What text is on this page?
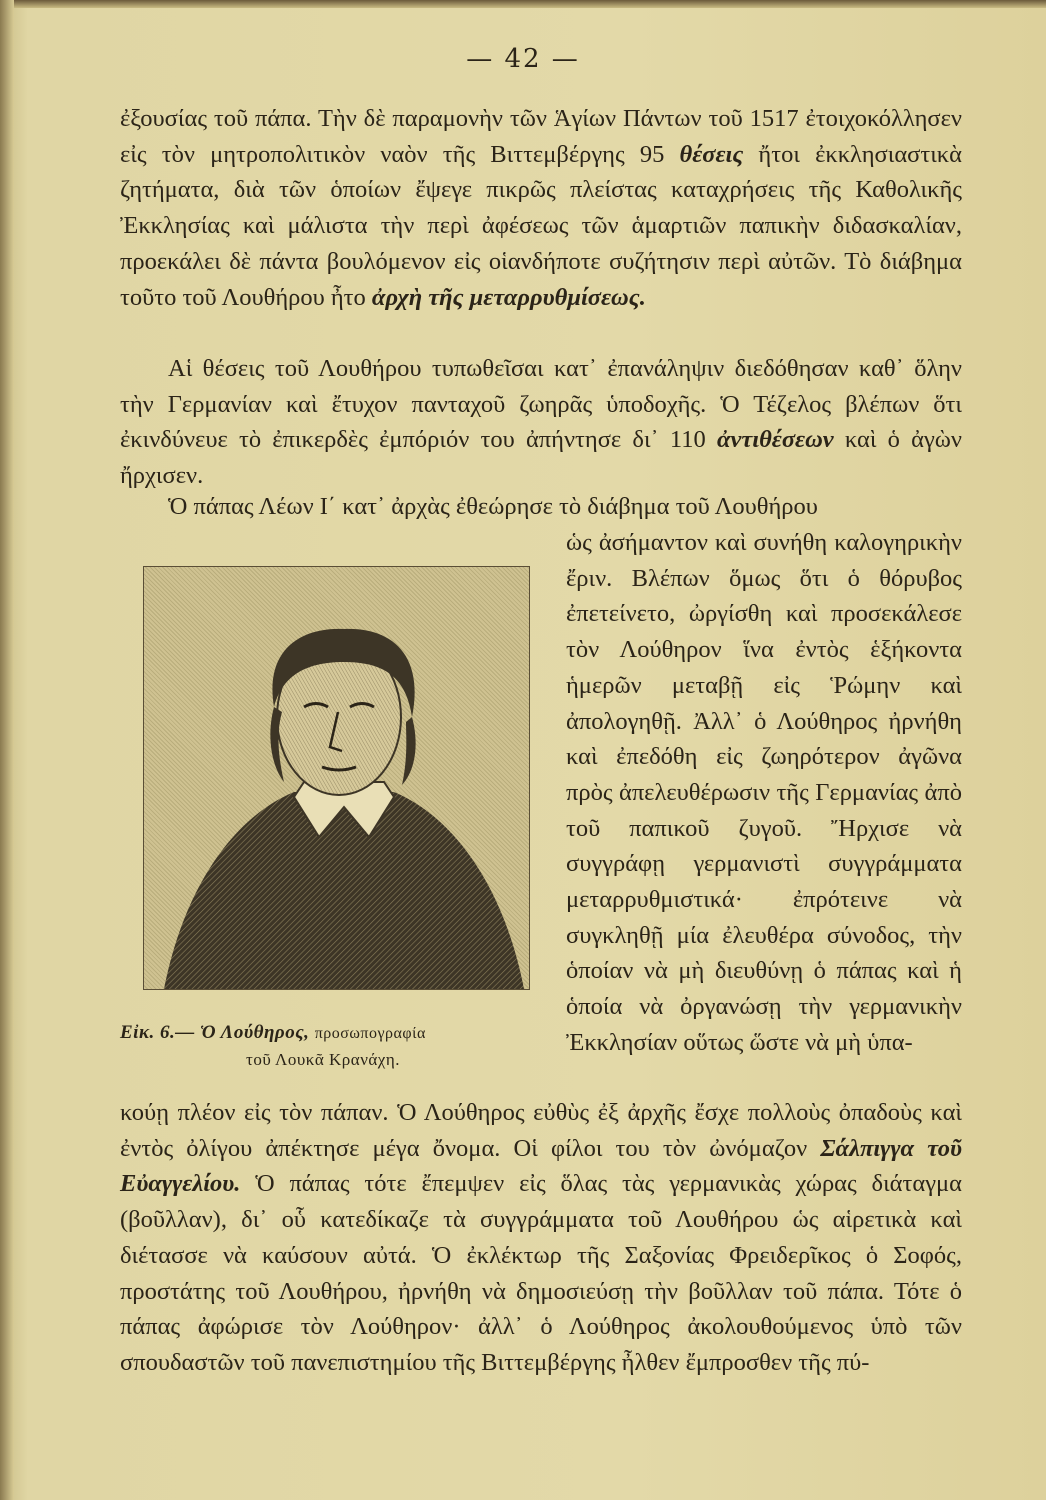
— 42 —

ἐξουσίας τοῦ πάπα. Τὴν δὲ παραμονὴν τῶν Ἁγίων Πάντων τοῦ 1517 ἐτοιχοκόλλησεν εἰς τὸν μητροπολιτικὸν ναὸν τῆς Βιττεμβέργης 95 θέσεις ἤτοι ἐκκλησιαστικὰ ζητήματα, διὰ τῶν ὁποίων ἔψεγε πικρῶς πλείστας καταχρήσεις τῆς Καθολικῆς Ἐκκλησίας καὶ μάλιστα τὴν περὶ ἀφέσεως τῶν ἁμαρτιῶν παπικὴν διδασκαλίαν, προεκάλει δὲ πάντα βουλόμενον εἰς οἱανδήποτε συζήτησιν περὶ αὐτῶν. Τὸ διάβημα τοῦτο τοῦ Λουθήρου ἦτο ἀρχὴ τῆς μεταρρυθμίσεως.

Αἱ θέσεις τοῦ Λουθήρου τυπωθεῖσαι κατ᾽ ἐπανάληψιν διεδόθησαν καθ᾽ ὅλην τὴν Γερμανίαν καὶ ἔτυχον πανταχοῦ ζωηρᾶς ὑποδοχῆς. Ὁ Τέζελος βλέπων ὅτι ἐκινδύνευε τὸ ἐπικερδὲς ἐμπόριόν του ἀπήντησε δι᾽ 110 ἀντιθέσεων καὶ ὁ ἀγὼν ἤρχισεν.

Ὁ πάπας Λέων Ι΄ κατ᾽ ἀρχὰς ἐθεώρησε τὸ διάβημα τοῦ Λουθήρου

ὡς ἀσήμαντον καὶ συνήθη καλογηρικὴν ἔριν. Βλέπων ὅμως ὅτι ὁ θόρυβος ἐπετείνετο, ὠργίσθη καὶ προσεκάλεσε τὸν Λούθηρον ἵνα ἐντὸς ἑξήκοντα ἡμερῶν μεταβῇ εἰς Ῥώμην καὶ ἀπολογηθῇ. Ἀλλ᾽ ὁ Λούθηρος ἠρνήθη καὶ ἐπεδόθη εἰς ζωηρότερον ἀγῶνα πρὸς ἀπελευθέρωσιν τῆς Γερμανίας ἀπὸ τοῦ παπικοῦ ζυγοῦ. Ἤρχισε νὰ συγγράφῃ γερμανιστὶ συγγράμματα μεταρρυθμιστικά· ἐπρότεινε νὰ συγκληθῇ μία ἐλευθέρα σύνοδος, τὴν ὁποίαν νὰ μὴ διευθύνῃ ὁ πάπας καὶ ἡ ὁποία νὰ ὀργανώσῃ τὴν γερμανικὴν Ἐκκλησίαν οὕτως ὥστε νὰ μὴ ὑπα-

Εἰκ. 6.— Ὁ Λούθηρος, προσωπογραφία
τοῦ Λουκᾶ Κρανάχη.

κούῃ πλέον εἰς τὸν πάπαν. Ὁ Λούθηρος εὐθὺς ἐξ ἀρχῆς ἔσχε πολλοὺς ὀπαδοὺς καὶ ἐντὸς ὀλίγου ἀπέκτησε μέγα ὄνομα. Οἱ φίλοι του τὸν ὠνόμαζον Σάλπιγγα τοῦ Εὐαγγελίου. Ὁ πάπας τότε ἔπεμψεν εἰς ὅλας τὰς γερμανικὰς χώρας διάταγμα (βοῦλλαν), δι᾽ οὗ κατεδίκαζε τὰ συγγράμματα τοῦ Λουθήρου ὡς αἱρετικὰ καὶ διέτασσε νὰ καύσουν αὐτά. Ὁ ἐκλέκτωρ τῆς Σαξονίας Φρειδερῖκος ὁ Σοφός, προστάτης τοῦ Λουθήρου, ἠρνήθη νὰ δημοσιεύσῃ τὴν βοῦλλαν τοῦ πάπα. Τότε ὁ πάπας ἀφώρισε τὸν Λούθηρον· ἀλλ᾽ ὁ Λούθηρος ἀκολουθούμενος ὑπὸ τῶν σπουδαστῶν τοῦ πανεπιστημίου τῆς Βιττεμβέργης ἦλθεν ἔμπροσθεν τῆς πύ-
